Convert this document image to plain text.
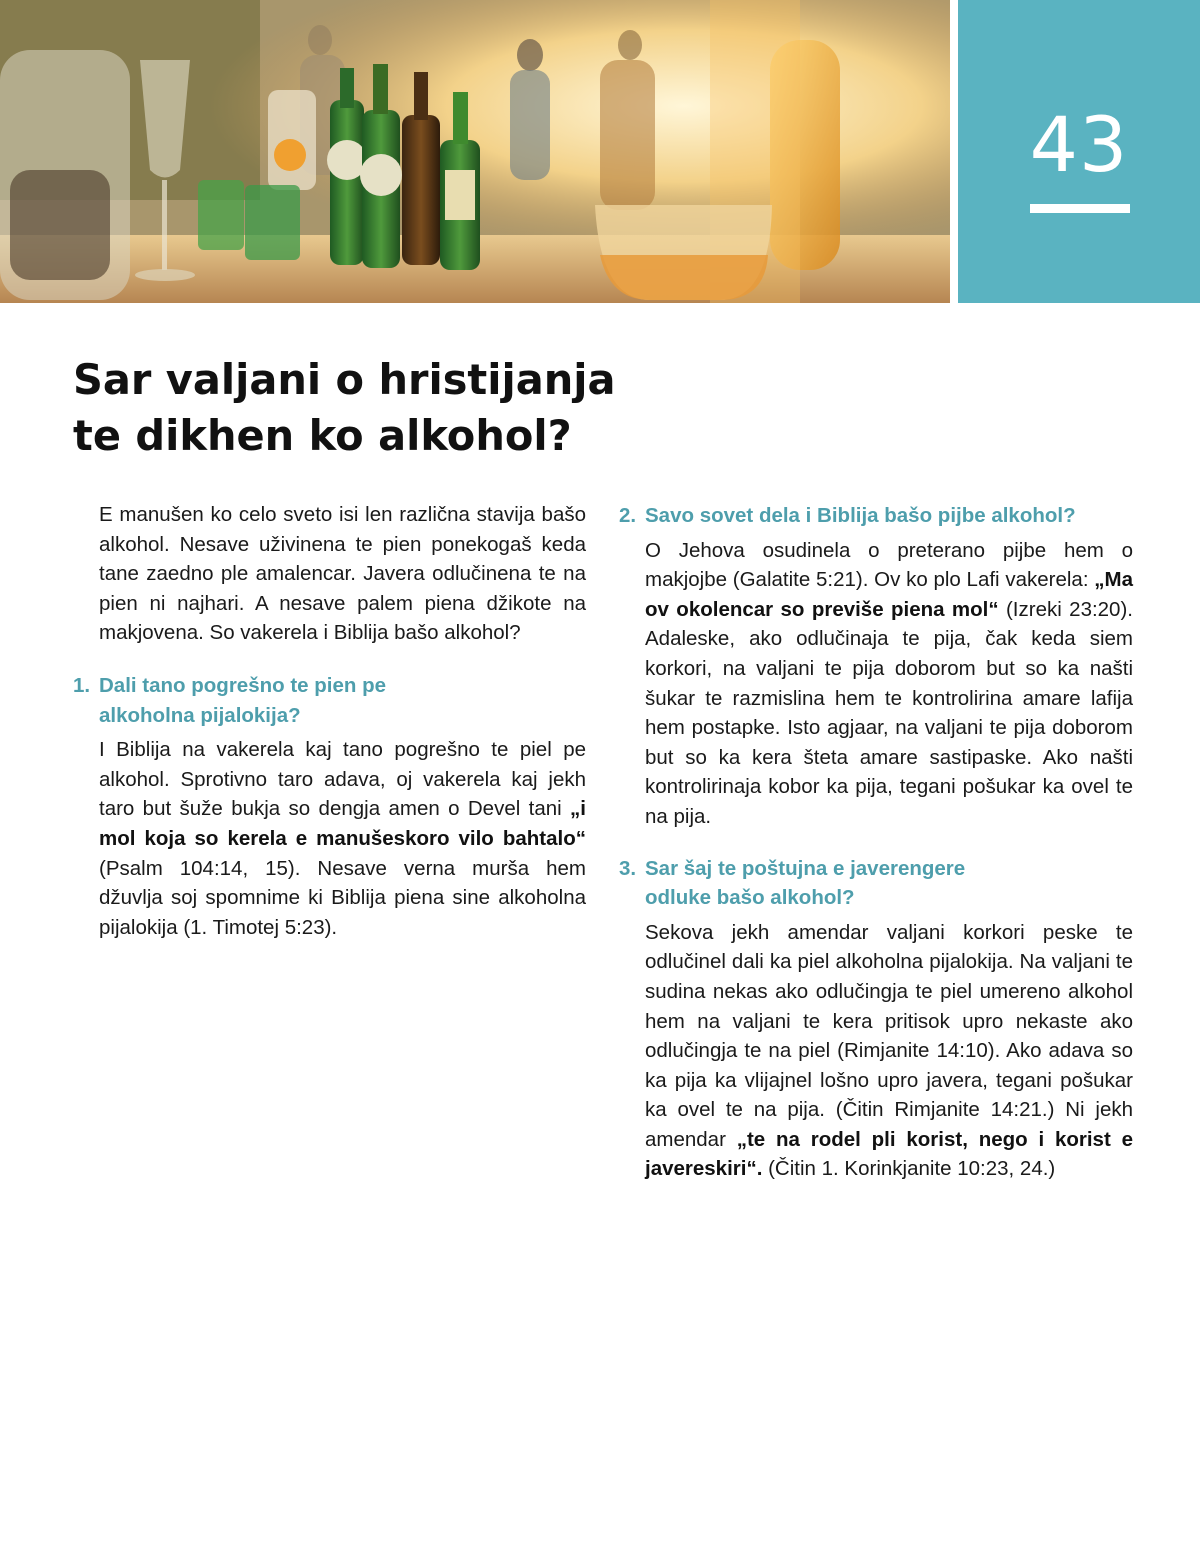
43
Sar valjani o hristijanja
te dikhen ko alkohol?

E manušen ko celo sveto isi len različna stavija bašo alkohol. Nesave uživinena te pien ponekogaš keda tane zaedno ple amalencar. Javera odlučinena te na pien ni najhari. A nesave palem piena džikote na makjovena. So vakerela i Biblija bašo alkohol?

1. Dali tano pogrešno te pien pe
alkoholna pijalokija?

I Biblija na vakerela kaj tano pogrešno te piel pe alkohol. Sprotivno taro adava, oj vakerela kaj jekh taro but šuže bukja so dengja amen o Devel tani „i mol koja so kerela e manušeskoro vilo bahtalo“ (Psalm 104:14, 15). Nesave verna murša hem džuvlja soj spomnime ki Biblija piena sine alkoholna pijalokija (1. Timotej 5:23).

2. Savo sovet dela i Biblija bašo pijbe alkohol?

O Jehova osudinela o preterano pijbe hem o makjojbe (Galatite 5:21). Ov ko plo Lafi vakerela: „Ma ov okolencar so previše piena mol“ (Izreki 23:20). Adaleske, ako odlučinaja te pija, čak keda siem korkori, na valjani te pija doborom but so ka našti šukar te razmislina hem te kontrolirina amare lafija hem postapke. Isto agjaar, na valjani te pija doborom but so ka kera šteta amare sastipaske. Ako našti kontrolirinaja kobor ka pija, tegani pošukar ka ovel te na pija.

3. Sar šaj te poštujna e javerengere
odluke bašo alkohol?

Sekova jekh amendar valjani korkori peske te odlučinel dali ka piel alkoholna pijalokija. Na valjani te sudina nekas ako odlučingja te piel umereno alkohol hem na valjani te kera pritisok upro nekaste ako odlučingja te na piel (Rimjanite 14:10). Ako adava so ka pija ka vlijajnel lošno upro javera, tegani pošukar ka ovel te na pija. (Čitin Rimjanite 14:21.) Ni jekh amendar „te na rodel pli korist, nego i korist e javereskiri“. (Čitin 1. Korinkjanite 10:23, 24.)
